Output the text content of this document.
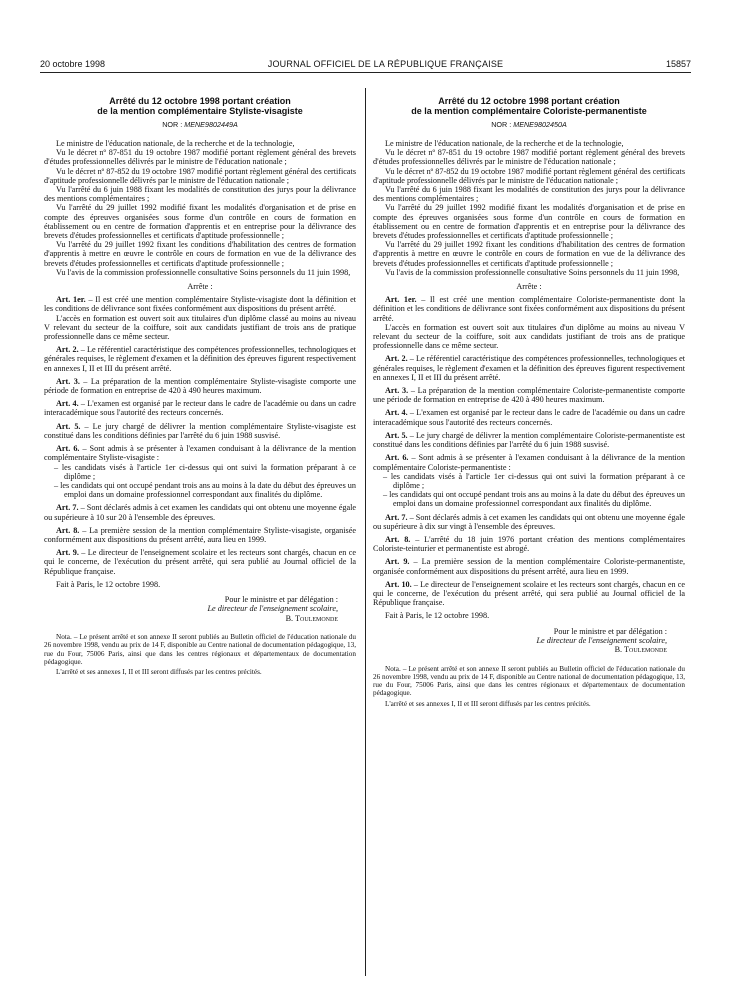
20 octobre 1998	JOURNAL OFFICIEL DE LA RÉPUBLIQUE FRANÇAISE	15857
Arrêté du 12 octobre 1998 portant création
de la mention complémentaire Styliste-visagiste
NOR : MENE9802449A

Le ministre de l'éducation nationale, de la recherche et de la technologie,

Vu le décret nº 87-851 du 19 octobre 1987 modifié portant règlement général des brevets d'études professionnelles délivrés par le ministre de l'éducation nationale ;

Vu le décret nº 87-852 du 19 octobre 1987 modifié portant règlement général des certificats d'aptitude professionnelle délivrés par le ministre de l'éducation nationale ;

Vu l'arrêté du 6 juin 1988 fixant les modalités de constitution des jurys pour la délivrance des mentions complémentaires ;

Vu l'arrêté du 29 juillet 1992 modifié fixant les modalités d'organisation et de prise en compte des épreuves organisées sous forme d'un contrôle en cours de formation en établissement ou en centre de formation d'apprentis et en entreprise pour la délivrance des brevets d'études professionnelles et certificats d'aptitude professionnelle ;

Vu l'arrêté du 29 juillet 1992 fixant les conditions d'habilitation des centres de formation d'apprentis à mettre en œuvre le contrôle en cours de formation en vue de la délivrance des brevets d'études professionnelles et certificats d'aptitude professionnelle ;

Vu l'avis de la commission professionnelle consultative Soins personnels du 11 juin 1998,

Arrête :

Art. 1er. – Il est créé une mention complémentaire Styliste-visagiste dont la définition et les conditions de délivrance sont fixées conformément aux dispositions du présent arrêté.

L'accès en formation est ouvert soit aux titulaires d'un diplôme classé au moins au niveau V relevant du secteur de la coiffure, soit aux candidats justifiant de trois ans de pratique professionnelle dans ce même secteur.

Art. 2. – Le référentiel caractéristique des compétences professionnelles, technologiques et générales requises, le règlement d'examen et la définition des épreuves figurent respectivement en annexes I, II et III du présent arrêté.

Art. 3. – La préparation de la mention complémentaire Styliste-visagiste comporte une période de formation en entreprise de 420 à 490 heures maximum.

Art. 4. – L'examen est organisé par le recteur dans le cadre de l'académie ou dans un cadre interacadémique sous l'autorité des recteurs concernés.

Art. 5. – Le jury chargé de délivrer la mention complémentaire Styliste-visagiste est constitué dans les conditions définies par l'arrêté du 6 juin 1988 susvisé.

Art. 6. – Sont admis à se présenter à l'examen conduisant à la délivrance de la mention complémentaire Styliste-visagiste :

– les candidats visés à l'article 1er ci-dessus qui ont suivi la formation préparant à ce diplôme ;

– les candidats qui ont occupé pendant trois ans au moins à la date du début des épreuves un emploi dans un domaine professionnel correspondant aux finalités du diplôme.

Art. 7. – Sont déclarés admis à cet examen les candidats qui ont obtenu une moyenne égale ou supérieure à 10 sur 20 à l'ensemble des épreuves.

Art. 8. – La première session de la mention complémentaire Styliste-visagiste, organisée conformément aux dispositions du présent arrêté, aura lieu en 1999.

Art. 9. – Le directeur de l'enseignement scolaire et les recteurs sont chargés, chacun en ce qui le concerne, de l'exécution du présent arrêté, qui sera publié au Journal officiel de la République française.

Fait à Paris, le 12 octobre 1998.

Pour le ministre et par délégation :
Le directeur de l'enseignement scolaire,
B. Toulemonde
Nota. – Le présent arrêté et son annexe II seront publiés au Bulletin officiel de l'éducation nationale du 26 novembre 1998, vendu au prix de 14 F, disponible au Centre national de documentation pédagogique, 13, rue du Four, 75006 Paris, ainsi que dans les centres régionaux et départementaux de documentation pédagogique.
L'arrêté et ses annexes I, II et III seront diffusés par les centres précités.
Arrêté du 12 octobre 1998 portant création
de la mention complémentaire Coloriste-permanentiste
NOR : MENE9802450A

Le ministre de l'éducation nationale, de la recherche et de la technologie,

Vu le décret nº 87-851 du 19 octobre 1987 modifié portant règlement général des brevets d'études professionnelles délivrés par le ministre de l'éducation nationale ;

Vu le décret nº 87-852 du 19 octobre 1987 modifié portant règlement général des certificats d'aptitude professionnelle délivrés par le ministre de l'éducation nationale ;

Vu l'arrêté du 6 juin 1988 fixant les modalités de constitution des jurys pour la délivrance des mentions complémentaires ;

Vu l'arrêté du 29 juillet 1992 modifié fixant les modalités d'organisation et de prise en compte des épreuves organisées sous forme d'un contrôle en cours de formation en établissement ou en centre de formation d'apprentis et en entreprise pour la délivrance des brevets d'études professionnelles et certificats d'aptitude professionnelle ;

Vu l'arrêté du 29 juillet 1992 fixant les conditions d'habilitation des centres de formation d'apprentis à mettre en œuvre le contrôle en cours de formation en vue de la délivrance des brevets d'études professionnelles et certificats d'aptitude professionnelle ;

Vu l'avis de la commission professionnelle consultative Soins personnels du 11 juin 1998,

Arrête :

Art. 1er. – Il est créé une mention complémentaire Coloriste-permanentiste dont la définition et les conditions de délivrance sont fixées conformément aux dispositions du présent arrêté.

L'accès en formation est ouvert soit aux titulaires d'un diplôme au moins au niveau V relevant du secteur de la coiffure, soit aux candidats justifiant de trois ans de pratique professionnelle dans ce même secteur.

Art. 2. – Le référentiel caractéristique des compétences professionnelles, technologiques et générales requises, le règlement d'examen et la définition des épreuves figurent respectivement en annexes I, II et III du présent arrêté.

Art. 3. – La préparation de la mention complémentaire Coloriste-permanentiste comporte une période de formation en entreprise de 420 à 490 heures maximum.

Art. 4. – L'examen est organisé par le recteur dans le cadre de l'académie ou dans un cadre interacadémique sous l'autorité des recteurs concernés.

Art. 5. – Le jury chargé de délivrer la mention complémentaire Coloriste-permanentiste est constitué dans les conditions définies par l'arrêté du 6 juin 1988 susvisé.

Art. 6. – Sont admis à se présenter à l'examen conduisant à la délivrance de la mention complémentaire Coloriste-permanentiste :

– les candidats visés à l'article 1er ci-dessus qui ont suivi la formation préparant à ce diplôme ;

– les candidats qui ont occupé pendant trois ans au moins à la date du début des épreuves un emploi dans un domaine professionnel correspondant aux finalités du diplôme.

Art. 7. – Sont déclarés admis à cet examen les candidats qui ont obtenu une moyenne égale ou supérieure à dix sur vingt à l'ensemble des épreuves.

Art. 8. – L'arrêté du 18 juin 1976 portant création des mentions complémentaires Coloriste-teinturier et permanentiste est abrogé.

Art. 9. – La première session de la mention complémentaire Coloriste-permanentiste, organisée conformément aux dispositions du présent arrêté, aura lieu en 1999.

Art. 10. – Le directeur de l'enseignement scolaire et les recteurs sont chargés, chacun en ce qui le concerne, de l'exécution du présent arrêté, qui sera publié au Journal officiel de la République française.

Fait à Paris, le 12 octobre 1998.

Pour le ministre et par délégation :
Le directeur de l'enseignement scolaire,
B. Toulemonde
Nota. – Le présent arrêté et son annexe II seront publiés au Bulletin officiel de l'éducation nationale du 26 novembre 1998, vendu au prix de 14 F, disponible au Centre national de documentation pédagogique, 13, rue du Four, 75006 Paris, ainsi que dans les centres régionaux et départementaux de documentation pédagogique.
L'arrêté et ses annexes I, II et III seront diffusés par les centres précités.
